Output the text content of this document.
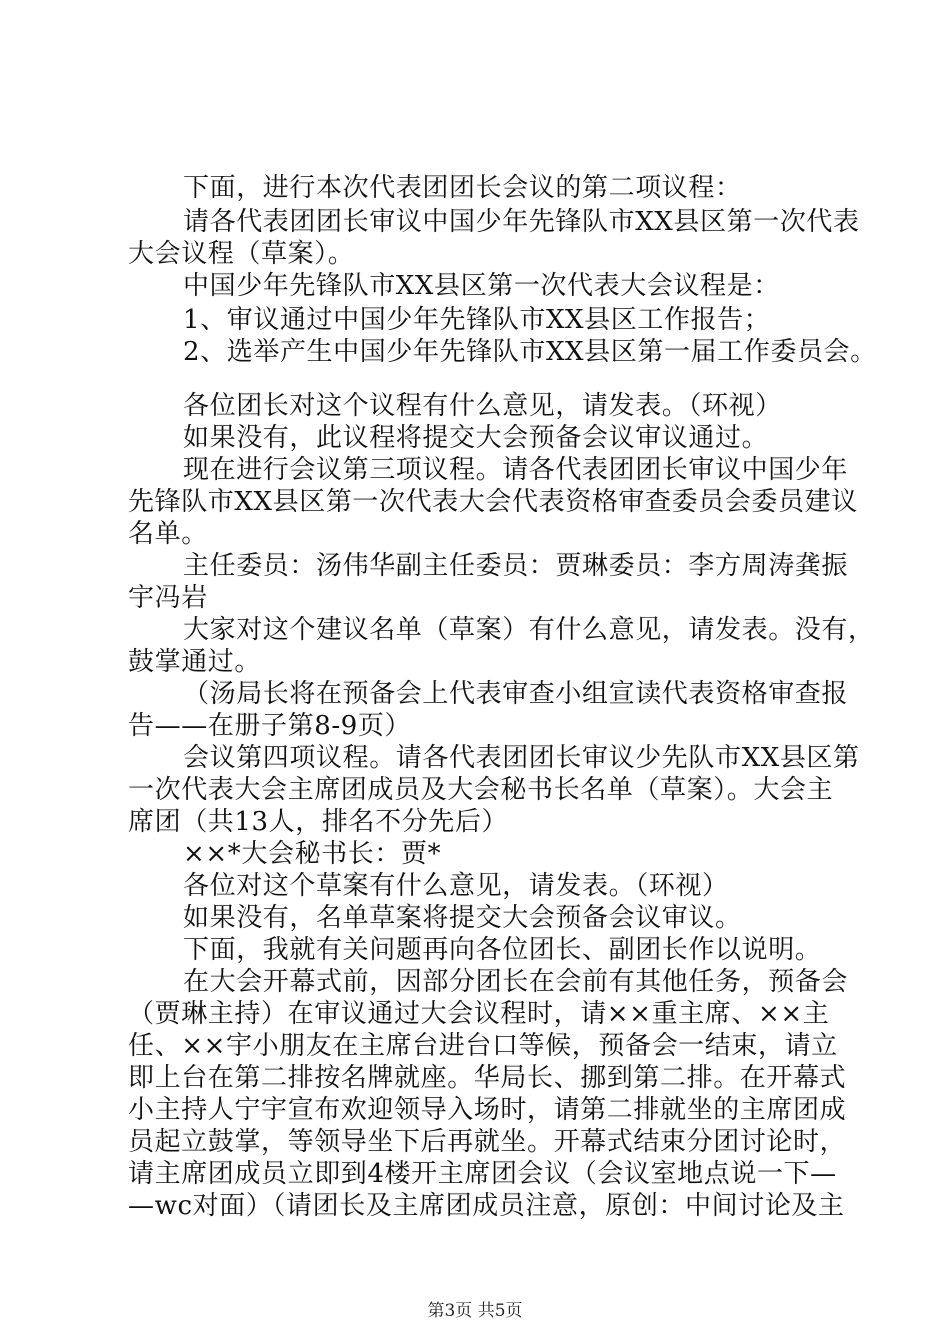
下面，进行本次代表团团长会议的第二项议程：
请各代表团团长审议中国少年先锋队市XX县区第一次代表
大会议程（草案）。
中国少年先锋队市XX县区第一次代表大会议程是：
1、审议通过中国少年先锋队市XX县区工作报告；
2、选举产生中国少年先锋队市XX县区第一届工作委员会。
各位团长对这个议程有什么意见，请发表。（环视）
如果没有，此议程将提交大会预备会议审议通过。
现在进行会议第三项议程。请各代表团团长审议中国少年
先锋队市XX县区第一次代表大会代表资格审查委员会委员建议
名单。
主任委员：汤伟华副主任委员：贾琳委员：李方周涛龚振
宇冯岩
大家对这个建议名单（草案）有什么意见，请发表。没有，
鼓掌通过。
（汤局长将在预备会上代表审查小组宣读代表资格审查报
告——在册子第8-9页）
会议第四项议程。请各代表团团长审议少先队市XX县区第
一次代表大会主席团成员及大会秘书长名单（草案）。大会主
席团（共13人，排名不分先后）
××*大会秘书长：贾*
各位对这个草案有什么意见，请发表。（环视）
如果没有，名单草案将提交大会预备会议审议。
下面，我就有关问题再向各位团长、副团长作以说明。
在大会开幕式前，因部分团长在会前有其他任务，预备会
（贾琳主持）在审议通过大会议程时，请××重主席、××主
任、××宇小朋友在主席台进台口等候，预备会一结束，请立
即上台在第二排按名牌就座。华局长、挪到第二排。在开幕式
小主持人宁宇宣布欢迎领导入场时，请第二排就坐的主席团成
员起立鼓掌，等领导坐下后再就坐。开幕式结束分团讨论时，
请主席团成员立即到4楼开主席团会议（会议室地点说一下—
—wc对面）（请团长及主席团成员注意，原创：中间讨论及主
第3页 共5页
